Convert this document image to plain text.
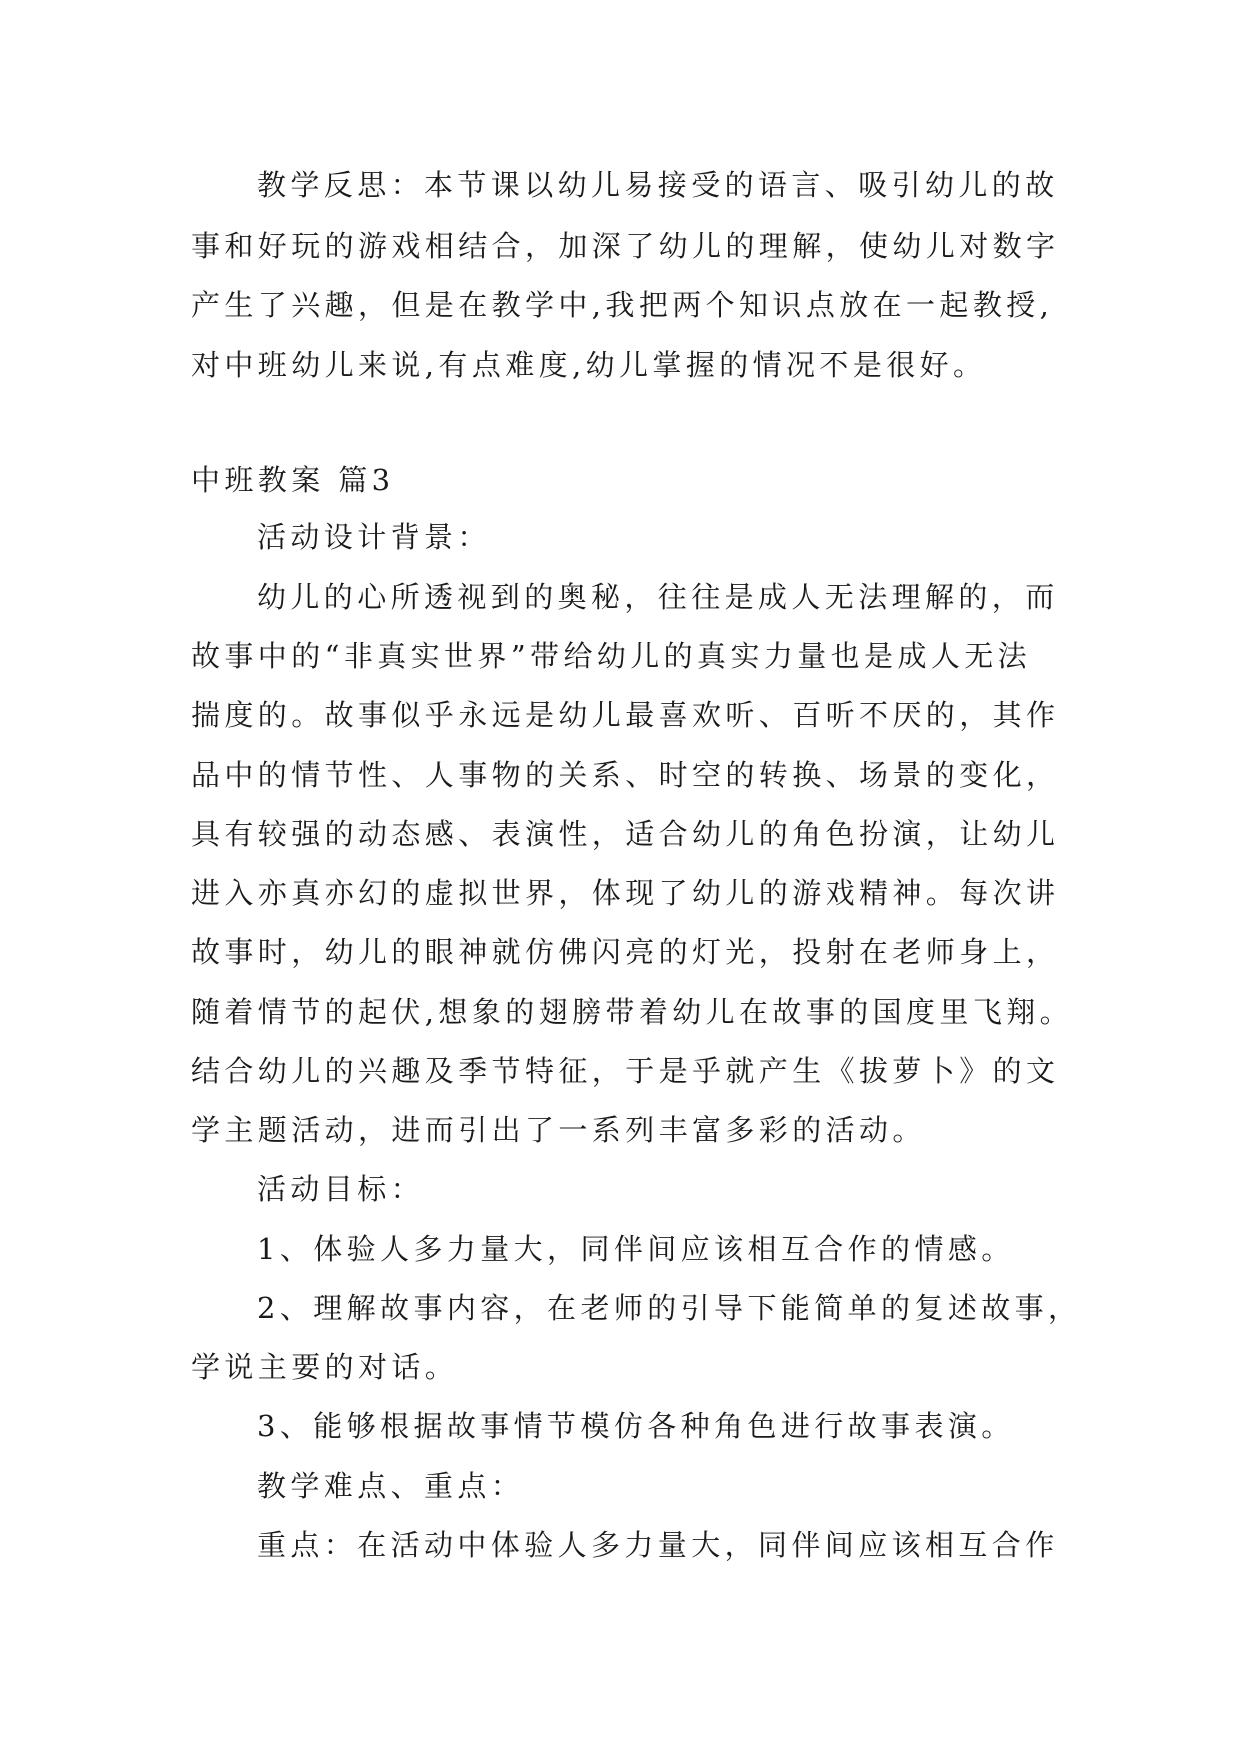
教学反思：本节课以幼儿易接受的语言、吸引幼儿的故
事和好玩的游戏相结合，加深了幼儿的理解，使幼儿对数字
产生了兴趣，但是在教学中,我把两个知识点放在一起教授,
对中班幼儿来说,有点难度,幼儿掌握的情况不是很好。
中班教案 篇3
活动设计背景：
幼儿的心所透视到的奥秘，往往是成人无法理解的，而
故事中的“非真实世界”带给幼儿的真实力量也是成人无法
揣度的。故事似乎永远是幼儿最喜欢听、百听不厌的，其作
品中的情节性、人事物的关系、时空的转换、场景的变化，
具有较强的动态感、表演性，适合幼儿的角色扮演，让幼儿
进入亦真亦幻的虚拟世界，体现了幼儿的游戏精神。每次讲
故事时，幼儿的眼神就仿佛闪亮的灯光，投射在老师身上，
随着情节的起伏,想象的翅膀带着幼儿在故事的国度里飞翔。
结合幼儿的兴趣及季节特征，于是乎就产生《拔萝卜》的文
学主题活动，进而引出了一系列丰富多彩的活动。
活动目标：
1、体验人多力量大，同伴间应该相互合作的情感。
2、理解故事内容，在老师的引导下能简单的复述故事，
学说主要的对话。
3、能够根据故事情节模仿各种角色进行故事表演。
教学难点、重点：
重点：在活动中体验人多力量大，同伴间应该相互合作
